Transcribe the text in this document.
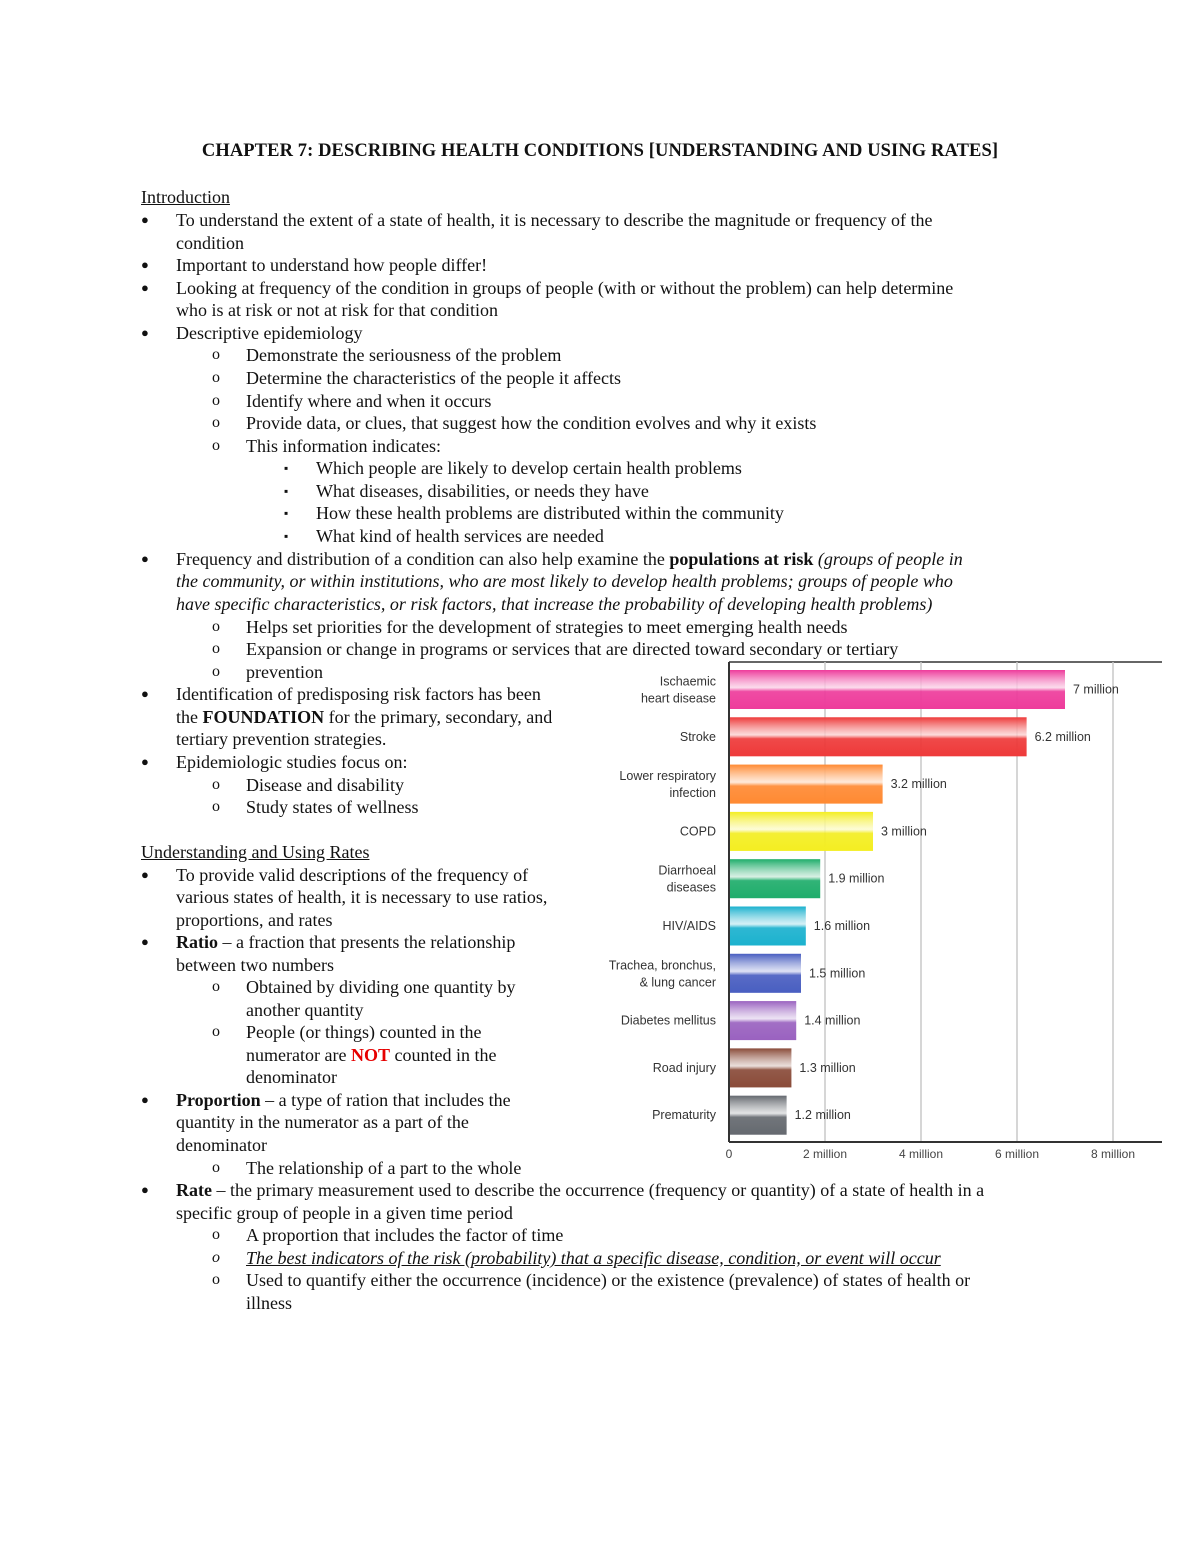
CHAPTER 7: DESCRIBING HEALTH CONDITIONS [UNDERSTANDING AND USING RATES]
Introduction
● To understand the extent of a state of health, it is necessary to describe the magnitude or frequency of the
condition
● Important to understand how people differ!
● Looking at frequency of the condition in groups of people (with or without the problem) can help determine
who is at risk or not at risk for that condition
● Descriptive epidemiology
o Demonstrate the seriousness of the problem
o Determine the characteristics of the people it affects
o Identify where and when it occurs
o Provide data, or clues, that suggest how the condition evolves and why it exists
o This information indicates:
▪ Which people are likely to develop certain health problems
▪ What diseases, disabilities, or needs they have
▪ How these health problems are distributed within the community
▪ What kind of health services are needed
● Frequency and distribution of a condition can also help examine the populations at risk (groups of people in
the community, or within institutions, who are most likely to develop health problems; groups of people who
have specific characteristics, or risk factors, that increase the probability of developing health problems)
o Helps set priorities for the development of strategies to meet emerging health needs
o Expansion or change in programs or services that are directed toward secondary or tertiary
o prevention
● Identification of predisposing risk factors has been
the FOUNDATION for the primary, secondary, and
tertiary prevention strategies.
● Epidemiologic studies focus on:
o Disease and disability
o Study states of wellness
Understanding and Using Rates
● To provide valid descriptions of the frequency of
various states of health, it is necessary to use ratios,
proportions, and rates
● Ratio – a fraction that presents the relationship
between two numbers
o Obtained by dividing one quantity by
another quantity
o People (or things) counted in the
numerator are NOT counted in the
denominator
● Proportion – a type of ration that includes the
quantity in the numerator as a part of the
denominator
o The relationship of a part to the whole
● Rate – the primary measurement used to describe the occurrence (frequency or quantity) of a state of health in a
specific group of people in a given time period
o A proportion that includes the factor of time
o The best indicators of the risk (probability) that a specific disease, condition, or event will occur
o Used to quantify either the occurrence (incidence) or the existence (prevalence) of states of health or
illness
7 million
Ischaemic
heart disease
6.2 million
Stroke
3.2 million
Lower respiratory
infection
3 million
COPD
1.9 million
Diarrhoeal
diseases
1.6 million
HIV/AIDS
1.5 million
Trachea, bronchus,
& lung cancer
1.4 million
Diabetes mellitus
1.3 million
Road injury
1.2 million
Prematurity
0	2 million	4 million	6 million	8 million
